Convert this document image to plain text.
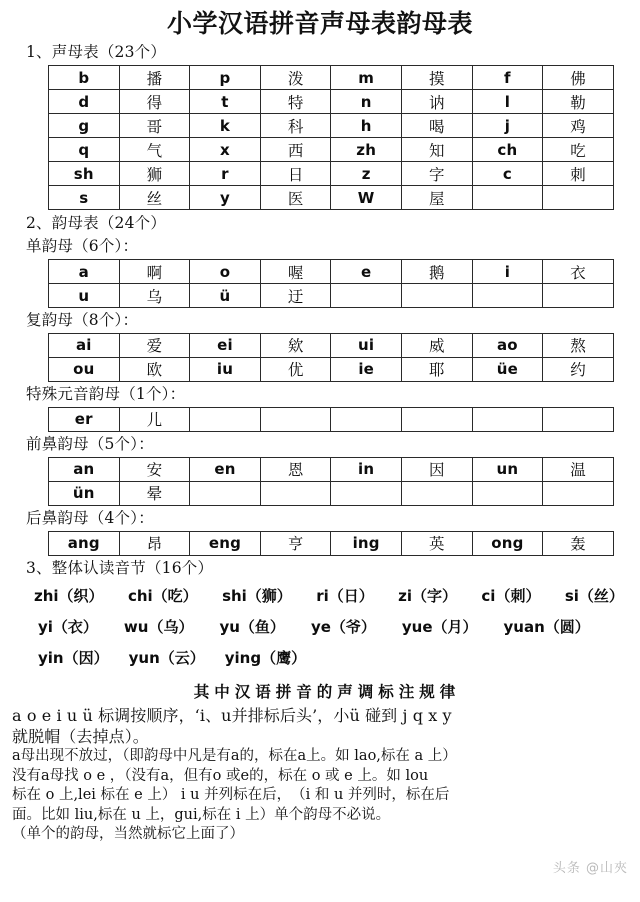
小学汉语拼音声母表韵母表
1、声母表（23个）
b	播	p	泼	m	摸	f	佛
d	得	t	特	n	讷	l	勒
g	哥	k	科	h	喝	j	鸡
q	气	x	西	zh	知	ch	吃
sh	狮	r	日	z	字	c	刺
s	丝	y	医	W	屋		
2、韵母表（24个）
单韵母（6个）：
a	啊	o	喔	e	鹅	i	衣
u	乌	ü	迂				
复韵母（8个）：
ai	爱	ei	欸	ui	威	ao	熬
ou	欧	iu	优	ie	耶	üe	约
特殊元音韵母（1个）：
er	儿						
前鼻韵母（5个）：
an	安	en	恩	in	因	un	温
ün	晕						
后鼻韵母（4个）：
ang	昂	eng	亨	ing	英	ong	轰
3、整体认读音节（16个）
zhi（织） chi（吃） shi（狮） ri（日） zi（字） ci（刺） si（丝）
yi（衣） wu（乌） yu（鱼） ye（爷） yue（月） yuan（圆）
yin（因） yun（云） ying（鹰）
其中汉语拼音的声调标注规律

a o e i u ü 标调按顺序，‘i、u并排标后头’，小ü 碰到 j q x y

就脱帽（去掉点）。

a母出现不放过，（即韵母中凡是有a的，标在a上。如 lao,标在 a 上）

没有a母找 o e ，（没有a，但有o 或e的，标在 o 或 e 上。如 lou

标在 o 上,lei 标在 e 上） i u 并列标在后，　（i 和 u 并列时，标在后

面。比如 liu,标在 u 上，gui,标在 i 上）单个韵母不必说。

（单个的韵母，当然就标它上面了）

头条 @山夾
